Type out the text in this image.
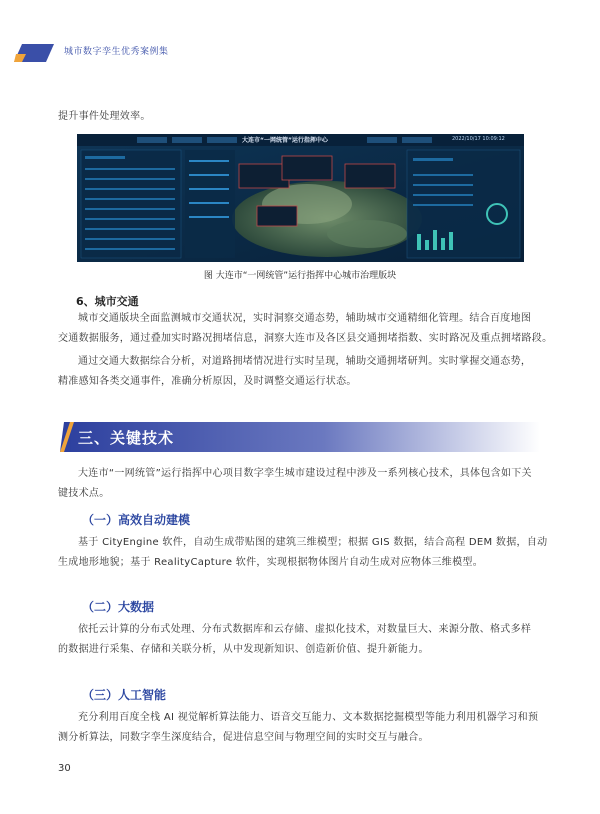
城市数字孪生优秀案例集
提升事件处理效率。
大连市“一网统管”运行指挥中心	2022/10/17 10:09:12
图 大连市“一网统管”运行指挥中心城市治理版块
6、城市交通
城市交通版块全面监测城市交通状况，实时洞察交通态势，辅助城市交通精细化管理。结合百度地图
交通数据服务，通过叠加实时路况拥堵信息，洞察大连市及各区县交通拥堵指数、实时路况及重点拥堵路段。
通过交通大数据综合分析，对道路拥堵情况进行实时呈现，辅助交通拥堵研判。实时掌握交通态势，
精准感知各类交通事件，准确分析原因，及时调整交通运行状态。
三、关键技术
大连市“一网统管”运行指挥中心项目数字孪生城市建设过程中涉及一系列核心技术，具体包含如下关
键技术点。
（一）高效自动建模
基于 CityEngine 软件，自动生成带贴图的建筑三维模型；根据 GIS 数据，结合高程 DEM 数据，自动
生成地形地貌；基于 RealityCapture 软件，实现根据物体图片自动生成对应物体三维模型。
（二）大数据
依托云计算的分布式处理、分布式数据库和云存储、虚拟化技术，对数量巨大、来源分散、格式多样
的数据进行采集、存储和关联分析，从中发现新知识、创造新价值、提升新能力。
（三）人工智能
充分利用百度全栈 AI 视觉解析算法能力、语音交互能力、文本数据挖掘模型等能力利用机器学习和预
测分析算法，同数字孪生深度结合，促进信息空间与物理空间的实时交互与融合。
30
